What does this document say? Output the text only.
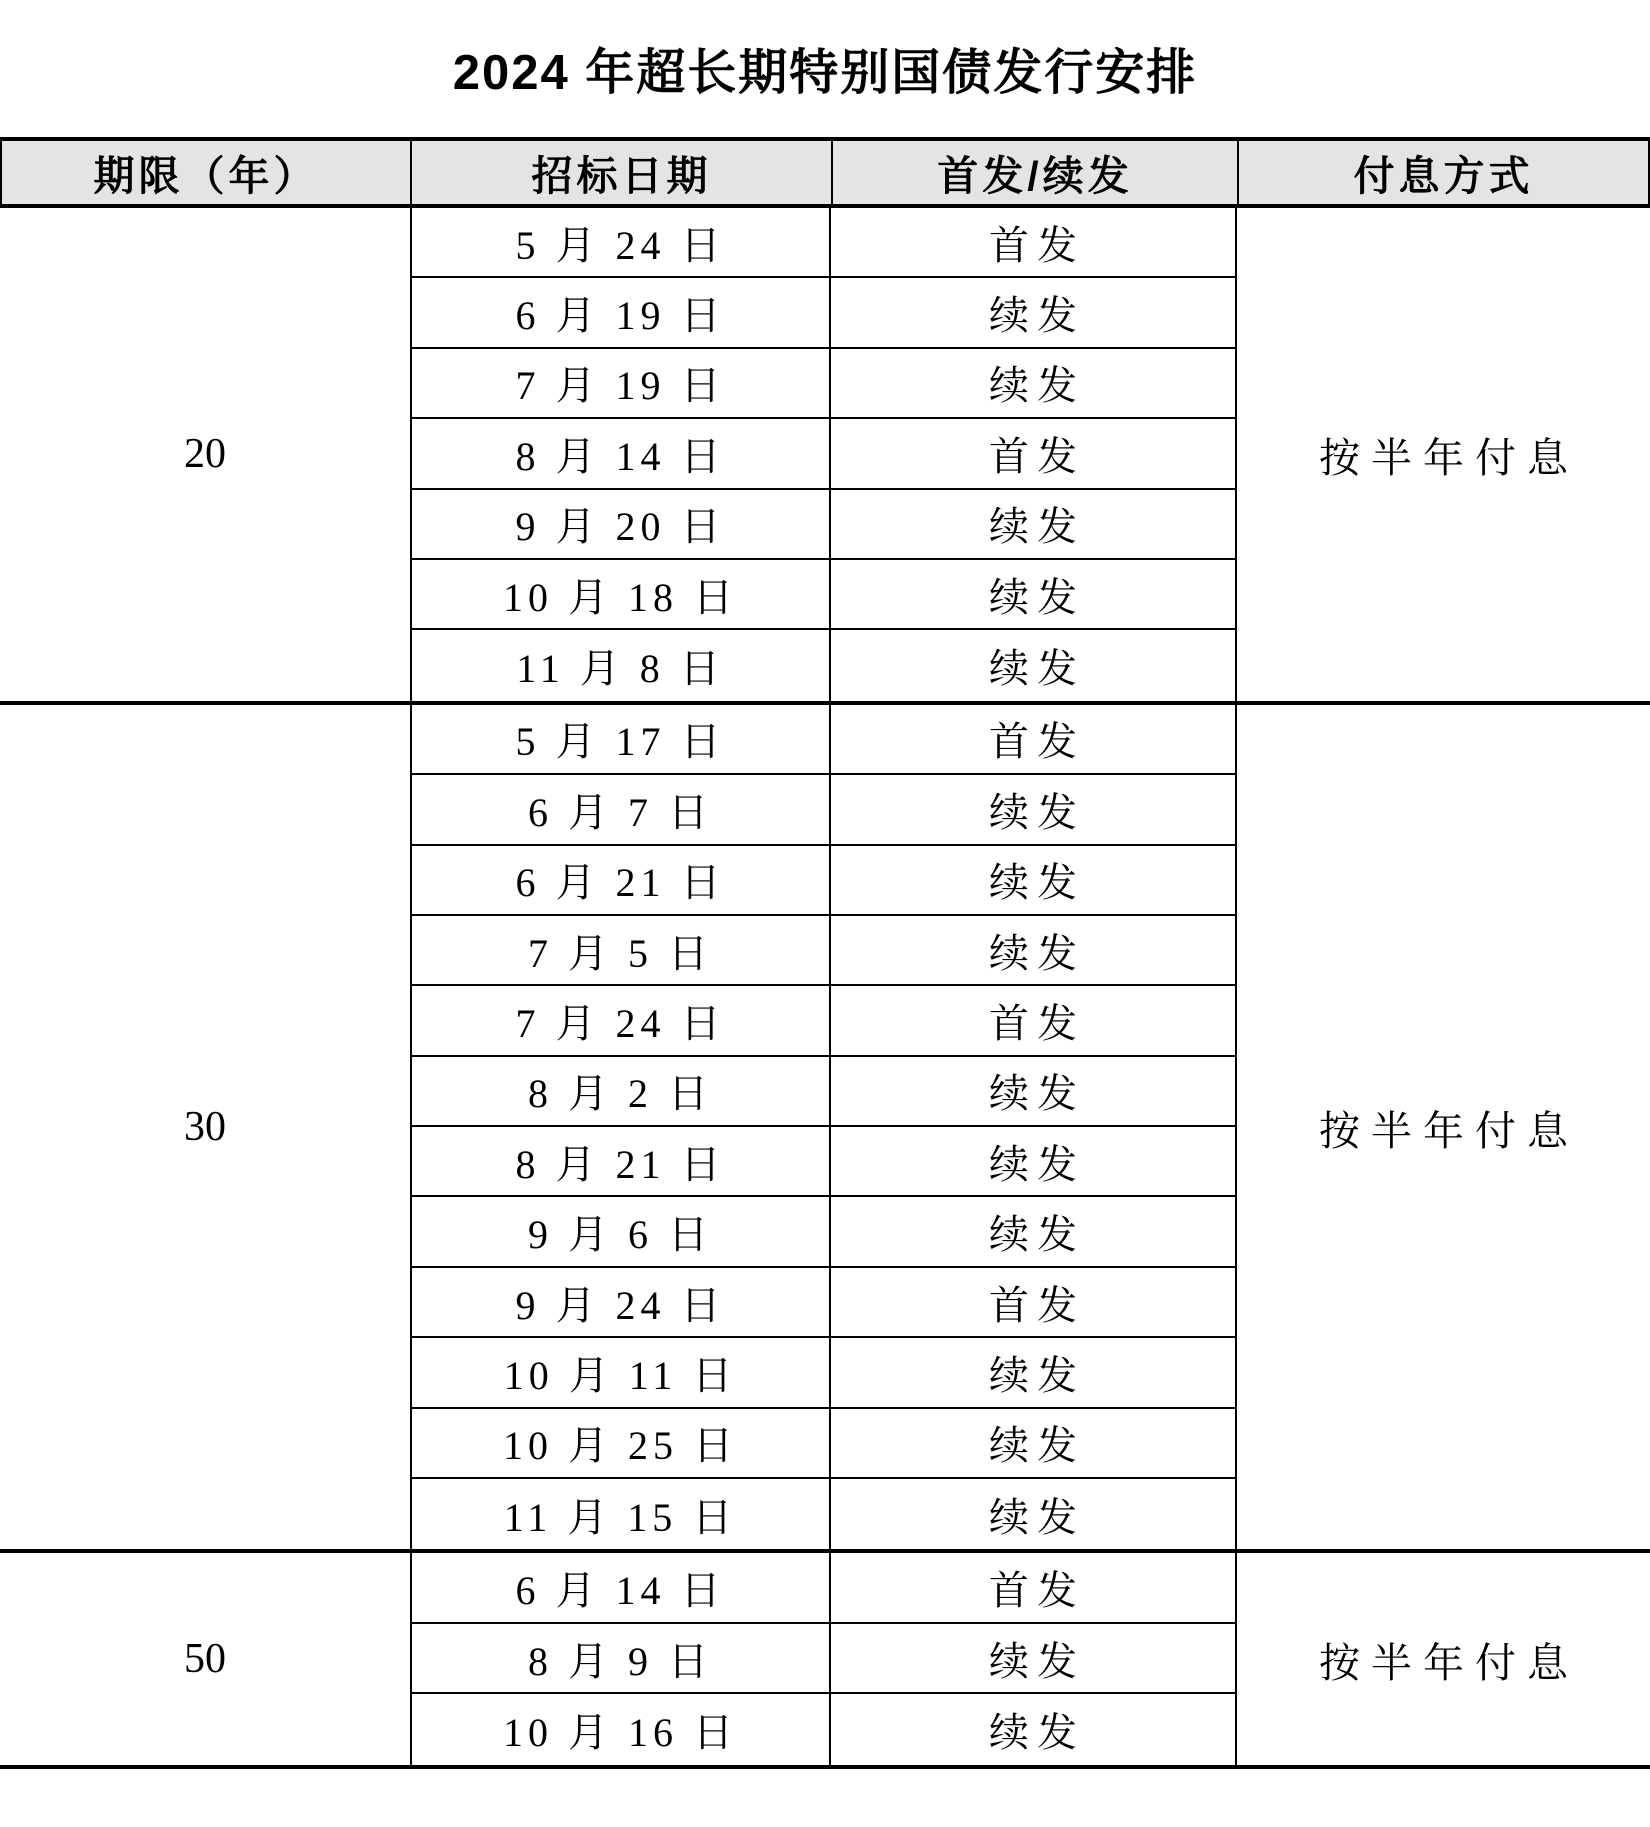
2024 年超长期特别国债发行安排
期限（年）	招标日期	首发/续发	付息方式
20
5 月 24 日	首发
6 月 19 日	续发
7 月 19 日	续发
8 月 14 日	首发
9 月 20 日	续发
10 月 18 日	续发
11 月 8 日	续发
按半年付息
30
5 月 17 日	首发
6 月 7 日	续发
6 月 21 日	续发
7 月 5 日	续发
7 月 24 日	首发
8 月 2 日	续发
8 月 21 日	续发
9 月 6 日	续发
9 月 24 日	首发
10 月 11 日	续发
10 月 25 日	续发
11 月 15 日	续发
按半年付息
50
6 月 14 日	首发
8 月 9 日	续发
10 月 16 日	续发
按半年付息
